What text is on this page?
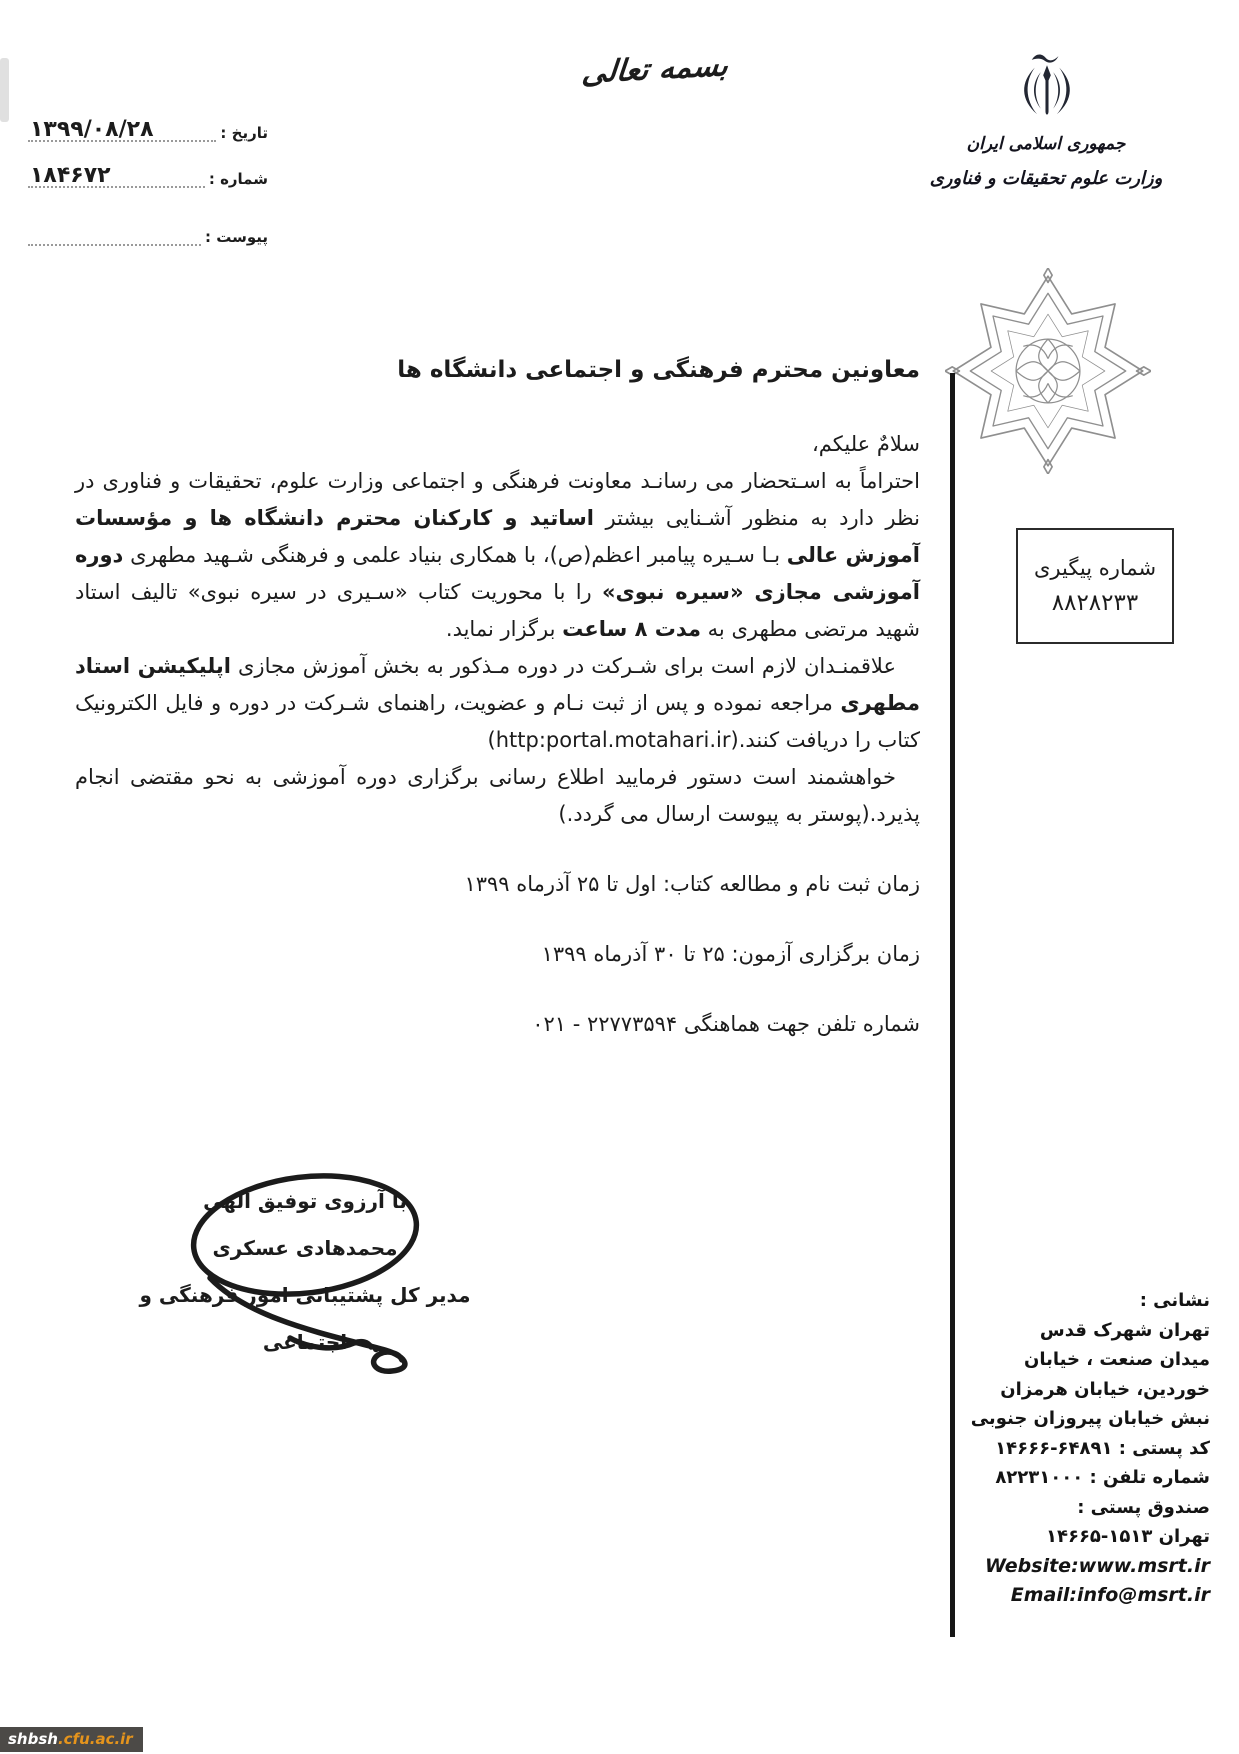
تاریخ :
۱۳۹۹/۰۸/۲۸
شماره :
۱۸۴۶۷۲
پیوست :
بسمه تعالی
جمهوری اسلامی ایران
وزارت علوم تحقیقات و فناوری
شماره پیگیری
۸۸۲۸۲۳۳
معاونین محترم فرهنگی و اجتماعی دانشگاه ها

سلامٌ علیکم،

احتراماً به اسـتحضار می رسانـد معاونت فرهنگی و اجتماعی وزارت علوم، تحقیقات و فناوری در نظر دارد به منظور آشـنایی بیشتر اساتید و کارکنان محترم دانشگاه ها و مؤسسات آموزش عالی بـا سـیره پیامبر اعظم(ص)، با همکاری بنیاد علمی و فرهنگی شـهید مطهری دوره آموزشی مجازی «سیره نبوی» را با محوریت کتاب «سـیری در سیره نبوی» تالیف استاد شهید مرتضی مطهری به مدت ۸ ساعت برگزار نماید.

علاقمنـدان لازم است برای شـرکت در دوره مـذکور به بخش آموزش مجازی اپلیکیشن استاد مطهری مراجعه نموده و پس از ثبت نـام و عضویت، راهنمای شـرکت در دوره و فایل الکترونیک کتاب را دریافت کنند.(http:portal.motahari.ir)

خواهشمند است دستور فرمایید اطلاع رسانی برگزاری دوره آموزشی به نحو مقتضی انجام پذیرد.(پوستر به پیوست ارسال می گردد.)

زمان ثبت نام و مطالعه کتاب: اول تا ۲۵ آذرماه ۱۳۹۹

زمان برگزاری آزمون: ۲۵ تا ۳۰ آذرماه ۱۳۹۹

شماره تلفن جهت هماهنگی ۲۲۷۷۳۵۹۴ - ۰۲۱

با آرزوی توفیق الهی
محمدهادی عسکری
مدیر کل پشتیبانی امور فرهنگی و اجتماعی
نشانی :
تهران شهرک قدس
میدان صنعت ، خیابان
خوردین، خیابان هرمزان
نبش خیابان پیروزان جنوبی
کد پستی : ۱۴۶۶۶-۶۴۸۹۱
شماره تلفن : ۸۲۲۳۱۰۰۰
صندوق پستی :
تهران ۱۴۶۶۵-۱۵۱۳
Website:www.msrt.ir
Email:info@msrt.ir
shbsh.cfu.ac.ir
